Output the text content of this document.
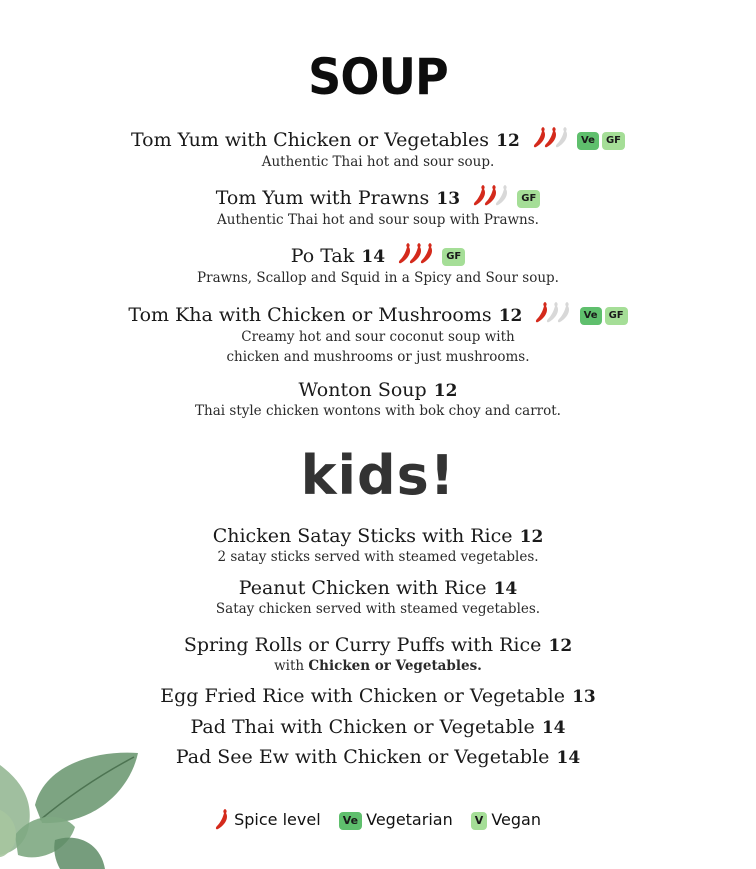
SOUP
Tom Yum with Chicken or Vegetables 12	Ve GF
Authentic Thai hot and sour soup.
Tom Yum with Prawns 13	GF
Authentic Thai hot and sour soup with Prawns.
Po Tak 14	GF
Prawns, Scallop and Squid in a Spicy and Sour soup.
Tom Kha with Chicken or Mushrooms 12	Ve GF
Creamy hot and sour coconut soup with
chicken and mushrooms or just mushrooms.
Wonton Soup 12
Thai style chicken wontons with bok choy and carrot.
kids!
Chicken Satay Sticks with Rice 12
2 satay sticks served with steamed vegetables.
Peanut Chicken with Rice 14
Satay chicken served with steamed vegetables.
Spring Rolls or Curry Puffs with Rice 12
with Chicken or Vegetables.
Egg Fried Rice with Chicken or Vegetable 13
Pad Thai with Chicken or Vegetable 14
Pad See Ew with Chicken or Vegetable 14
Spice level Ve Vegetarian V Vegan
